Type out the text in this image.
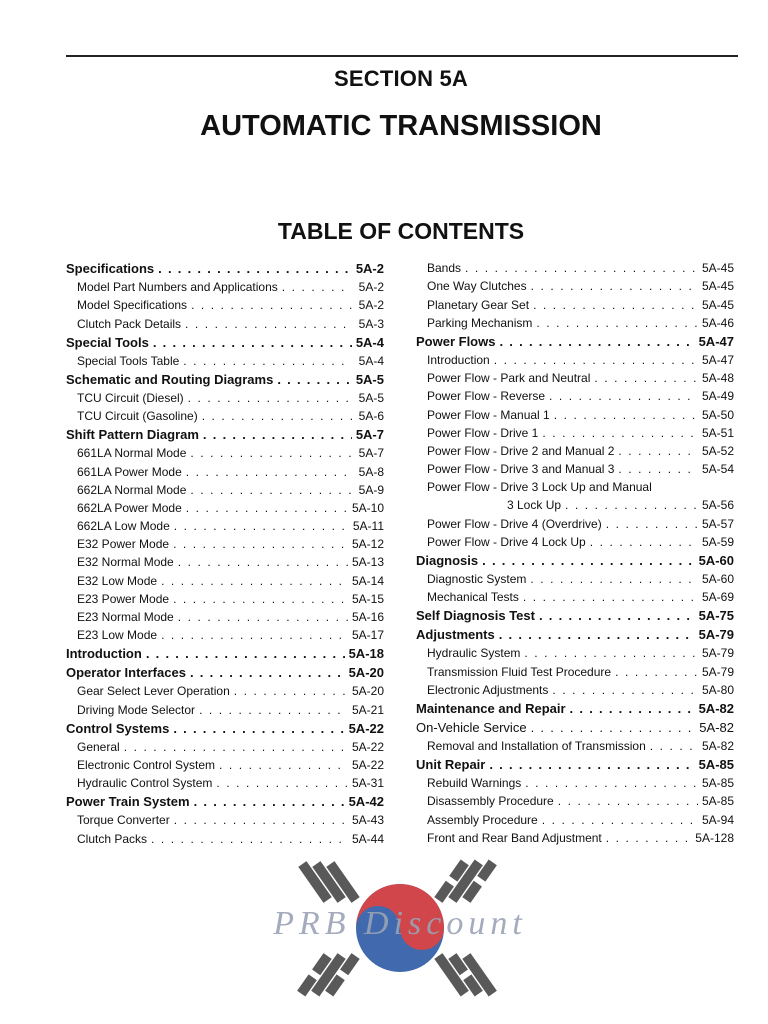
SECTION 5A
AUTOMATIC TRANSMISSION
TABLE OF CONTENTS
Specifications . . .	5A-2
Model Part Numbers and Applications . . .	5A-2
Model Specifications . . .	5A-2
Clutch Pack Details . . .	5A-3
Special Tools . . .	5A-4
Special Tools Table . . .	5A-4
Schematic and Routing Diagrams . . .	5A-5
TCU Circuit (Diesel) . . .	5A-5
TCU Circuit (Gasoline) . . .	5A-6
Shift Pattern Diagram . . .	5A-7
661LA Normal Mode . . .	5A-7
661LA Power Mode . . .	5A-8
662LA Normal Mode . . .	5A-9
662LA Power Mode . . .	5A-10
662LA Low Mode . . .	5A-11
E32 Power Mode . . .	5A-12
E32 Normal Mode . . .	5A-13
E32 Low Mode . . .	5A-14
E23 Power Mode . . .	5A-15
E23 Normal Mode . . .	5A-16
E23 Low Mode . . .	5A-17
Introduction . . .	5A-18
Operator Interfaces . . .	5A-20
Gear Select Lever Operation . . .	5A-20
Driving Mode Selector . . .	5A-21
Control Systems . . .	5A-22
General . . .	5A-22
Electronic Control System . . .	5A-22
Hydraulic Control System . . .	5A-31
Power Train System . . .	5A-42
Torque Converter . . .	5A-43
Clutch Packs . . .	5A-44
Bands . . .	5A-45
One Way Clutches . . .	5A-45
Planetary Gear Set . . .	5A-45
Parking Mechanism . . .	5A-46
Power Flows . . .	5A-47
Introduction . . .	5A-47
Power Flow - Park and Neutral . . .	5A-48
Power Flow - Reverse . . .	5A-49
Power Flow - Manual 1 . . .	5A-50
Power Flow - Drive 1 . . .	5A-51
Power Flow - Drive 2 and Manual 2 . . .	5A-52
Power Flow - Drive 3 and Manual 3 . . .	5A-54
Power Flow - Drive 3 Lock Up and Manual
3 Lock Up . . .	5A-56
Power Flow - Drive 4 (Overdrive) . . .	5A-57
Power Flow - Drive 4 Lock Up . . .	5A-59
Diagnosis . . .	5A-60
Diagnostic System . . .	5A-60
Mechanical Tests . . .	5A-69
Self Diagnosis Test . . .	5A-75
Adjustments . . .	5A-79
Hydraulic System . . .	5A-79
Transmission Fluid Test Procedure . . .	5A-79
Electronic Adjustments . . .	5A-80
Maintenance and Repair . . .	5A-82
On-Vehicle Service . . .	5A-82
Removal and Installation of Transmission . . .	5A-82
Unit Repair . . .	5A-85
Rebuild Warnings . . .	5A-85
Disassembly Procedure . . .	5A-85
Assembly Procedure . . .	5A-94
Front and Rear Band Adjustment . . .	5A-128
PRB Discount
